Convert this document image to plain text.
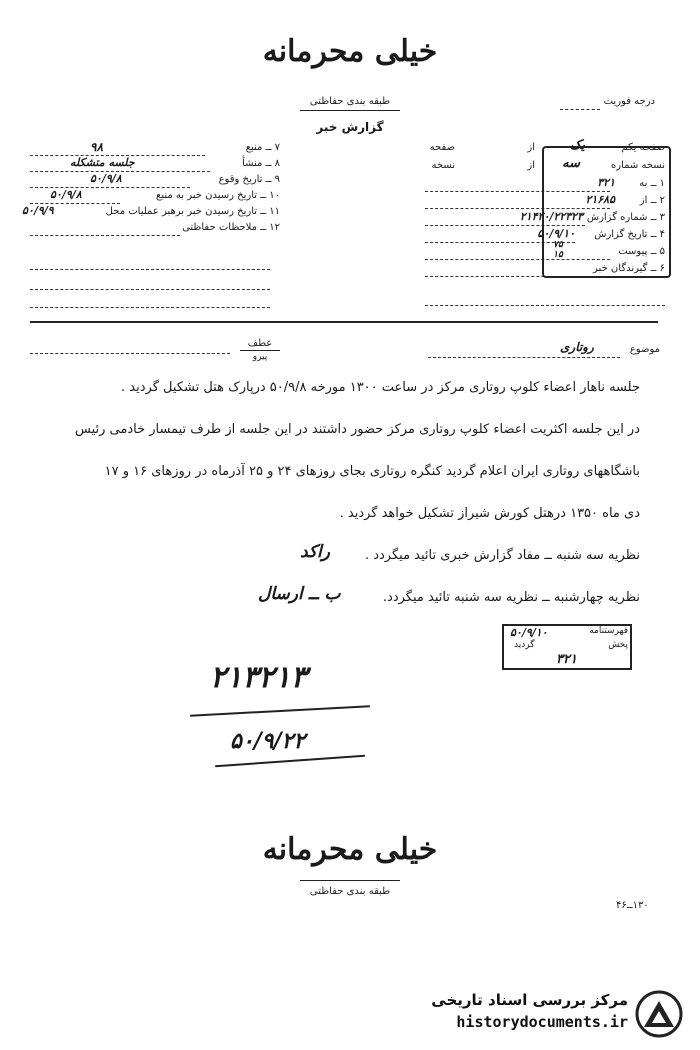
خیلی محرمانه
طبقه بندی حفاظتی	درجه فوریت
گزارش خبر
۷ ــ منبع
۹۸
۸ ــ منشأ
جلسه متشکله
۹ ــ تاریخ وقوع
۵۰/۹/۸
۱۰ ــ تاریخ رسیدن خبر به منبع
۵۰/۹/۸
۱۱ ــ تاریخ رسیدن خبر برهبر عملیات محل
۵۰/۹/۹
۱۲ ــ ملاحظات حفاظتی
صفحه یکم
یک
از
صفحه
نسخه شماره
سه
از
نسخه
۱ ــ به
۳۲۱
۲ ــ از
۲۱۶۸۵
۳ ــ شماره گزارش
۲۱۴۲۰/۲۲۳۲۳
۴ ــ تاریخ گزارش
۵۰/۹/۱۰
۵ ــ پیوست
۶ ــ گیرندگان خبر
۷۵
۱۵
عطف
پیرو
موضوع
روتاری
جلسه ناهار اعضاء کلوپ روتاری مرکز در ساعت ۱۳۰۰ مورخه ۵۰/۹/۸ درپارک هتل تشکیل گردید .
در این جلسه اکثریت اعضاء کلوپ روتاری مرکز حضور داشتند در این جلسه از طرف تیمسار خادمی رئیس
باشگاههای روتاری ایران اعلام گردید کنگره روتاری بجای روزهای ۲۴ و ۲۵ آذرماه در روزهای ۱۶ و ۱۷
دی ماه ۱۳۵۰ درهتل کورش شیراز تشکیل خواهد گردید .
نظریه سه شنبه ــ مفاد گزارش خبری تائید میگردد .
نظریه چهارشنبه ــ نظریه سه شنبه تائید میگردد.
راکد
ب ــ ارسال
فهرستنامه
۵۰/۹/۱۰
پخش
گردید
۳۲۱
۲۱۳۲۱۳
۵۰/۹/۲۲
خیلی محرمانه
طبقه بندی حفاظتی
۱۳۰ــ۴۶
مرکز بررسی اسناد تاریخی
historydocuments.ir
